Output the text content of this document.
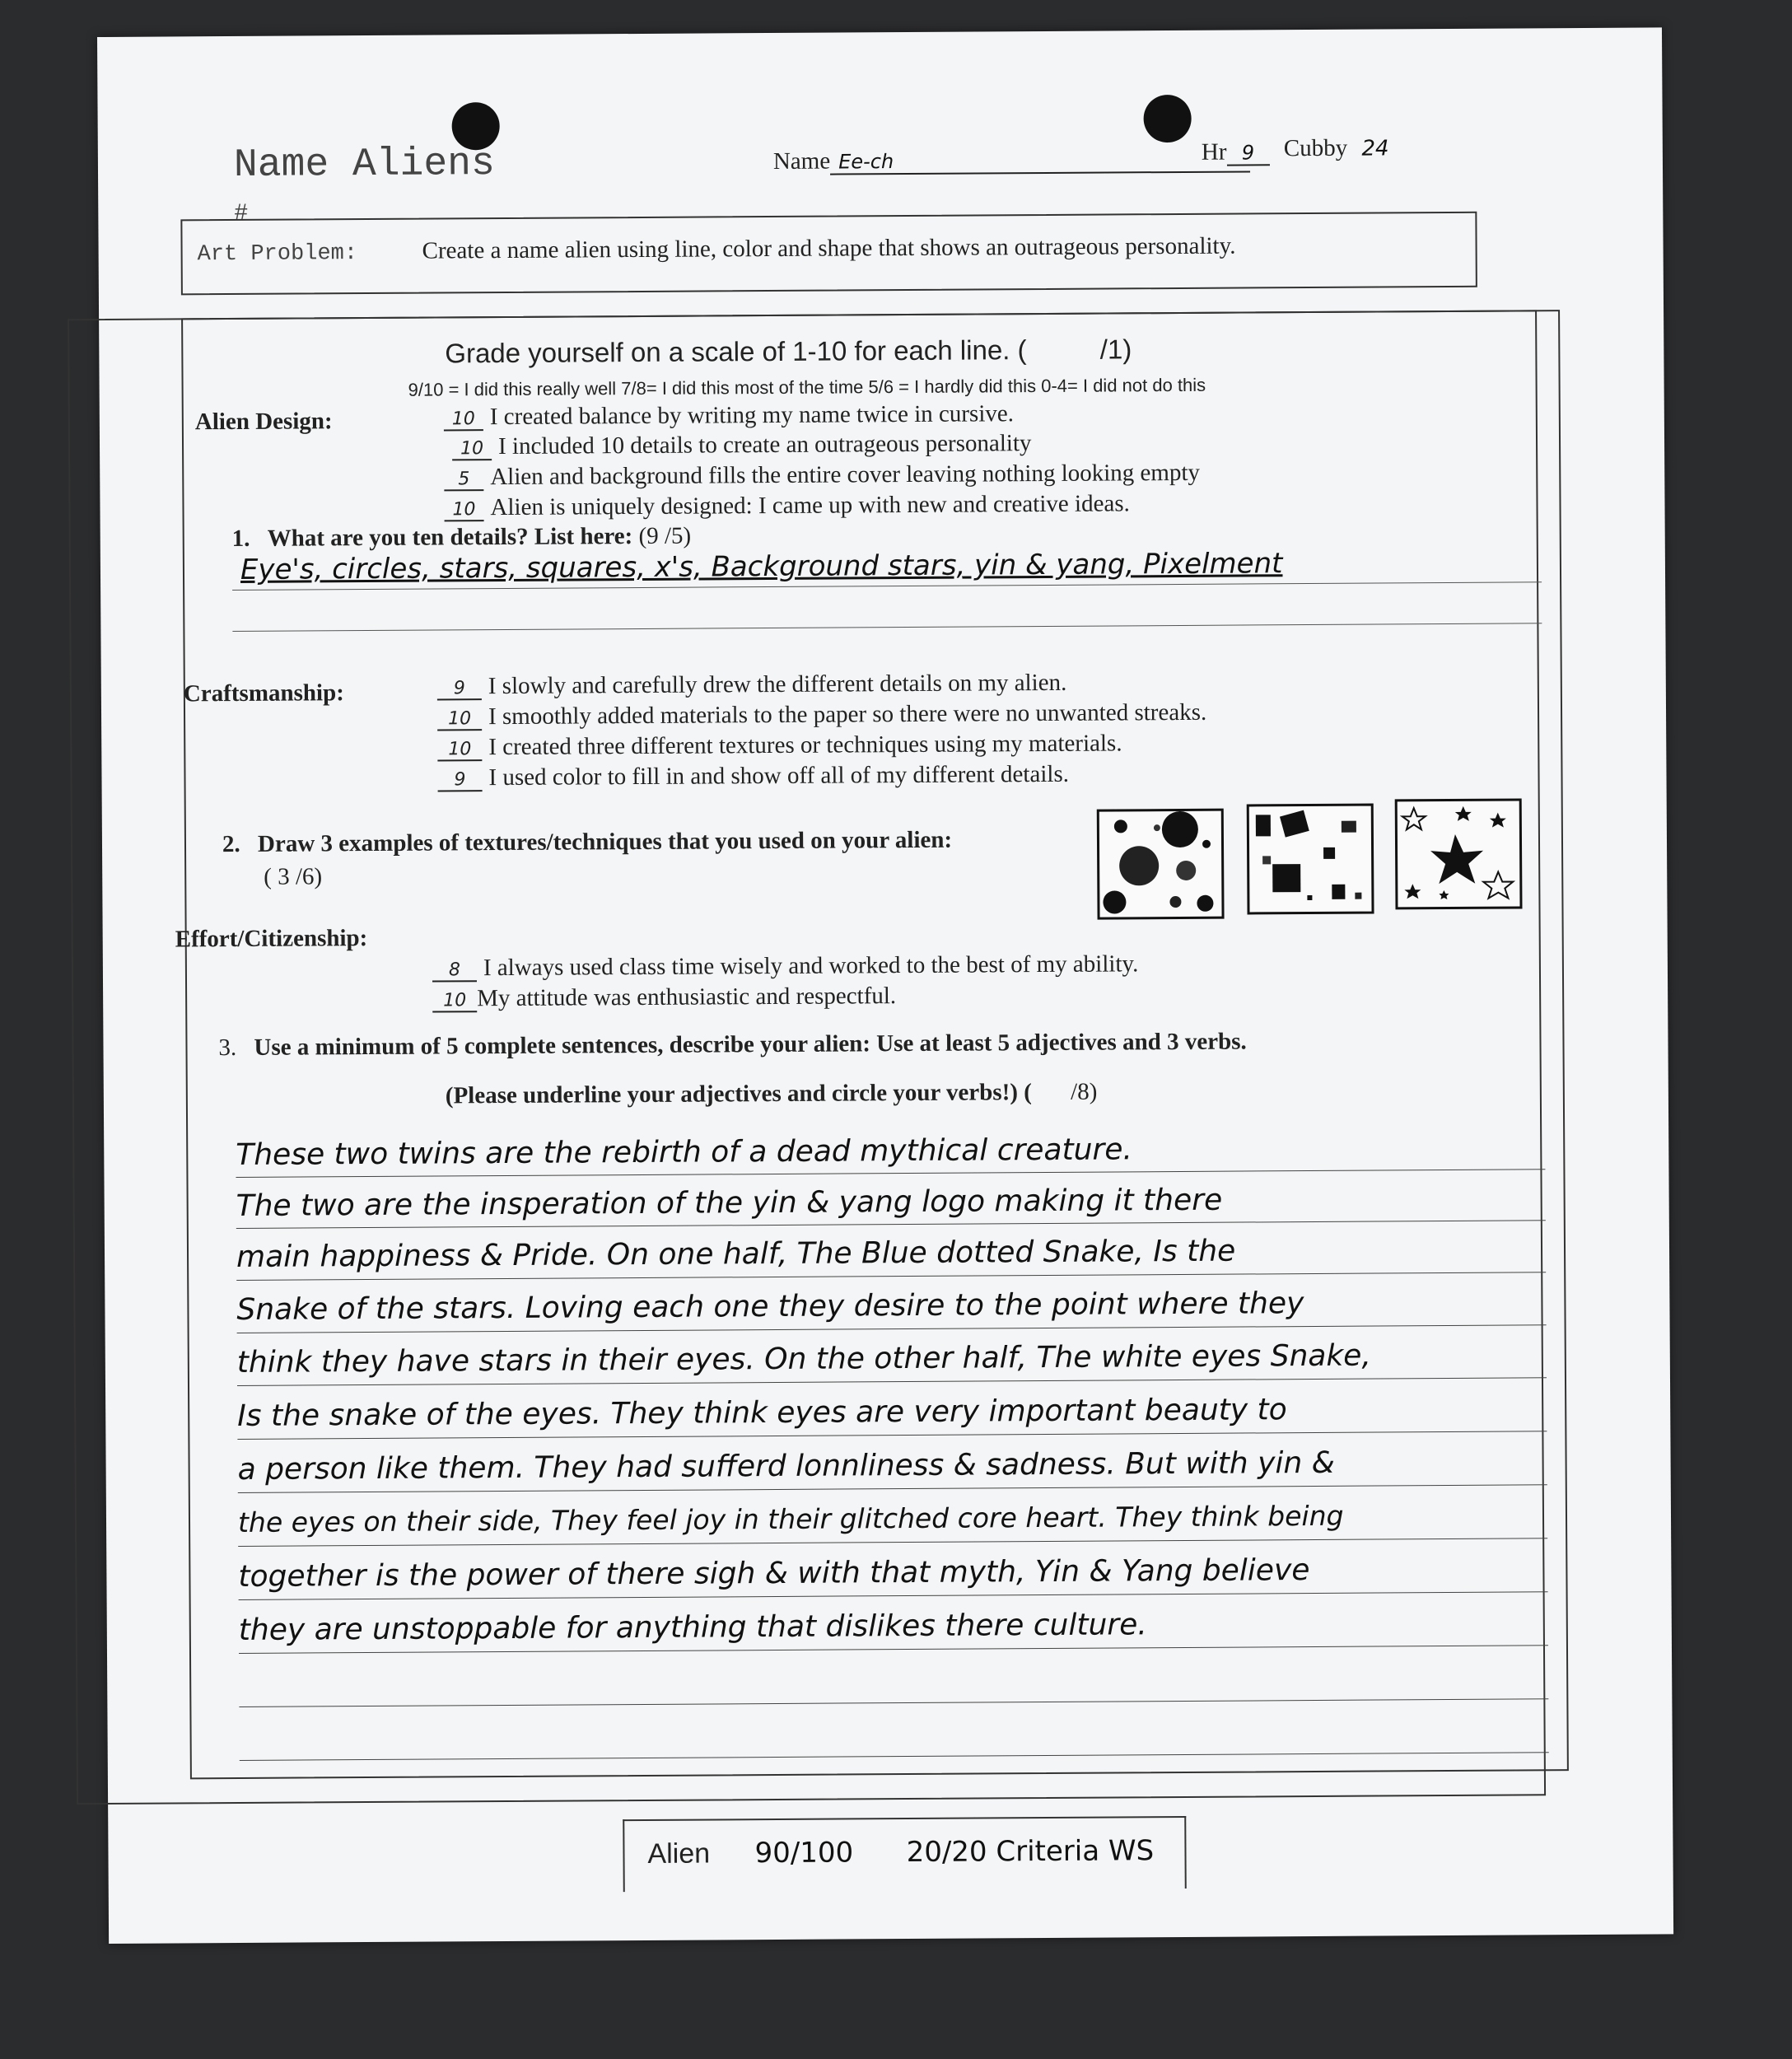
Name Aliens
#
Name Ee-ch	Hr 9	Cubby 24
Art Problem:	Create a name alien using line, color and shape that shows an outrageous personality.
Grade yourself on a scale of 1-10 for each line. (	/1)
9/10 = I did this really well 7/8= I did this most of the time 5/6 = I hardly did this 0-4= I did not do this
Alien Design:	10 I created balance by writing my name twice in cursive.
10 I included 10 details to create an outrageous personality
5 Alien and background fills the entire cover leaving nothing looking empty
10 Alien is uniquely designed: I came up with new and creative ideas.
1. What are you ten details? List here: (9 /5)
Eye's, circles, stars, squares, x's, Background stars, yin & yang, Pixelment
Craftsmanship:	9 I slowly and carefully drew the different details on my alien.
10 I smoothly added materials to the paper so there were no unwanted streaks.
10 I created three different textures or techniques using my materials.
9 I used color to fill in and show off all of my different details.
2. Draw 3 examples of textures/techniques that you used on your alien:
( 3 /6)
Effort/Citizenship:
8 I always used class time wisely and worked to the best of my ability.
10 My attitude was enthusiastic and respectful.
3. Use a minimum of 5 complete sentences, describe your alien: Use at least 5 adjectives and 3 verbs.
(Please underline your adjectives and circle your verbs!) ( /8)
These two twins are the rebirth of a dead mythical creature.
The two are the insperation of the yin & yang logo making it there
main happiness & Pride. On one half, The Blue dotted Snake, Is the
Snake of the stars. Loving each one they desire to the point where they
think they have stars in their eyes. On the other half, The white eyes Snake,
Is the snake of the eyes. They think eyes are very important beauty to
a person like them. They had sufferd lonnliness & sadness. But with yin &
the eyes on their side, They feel joy in their glitched core heart. They think being
together is the power of there sigh & with that myth, Yin & Yang believe
they are unstoppable for anything that dislikes there culture.
Alien 90/100 20/20 Criteria WS
